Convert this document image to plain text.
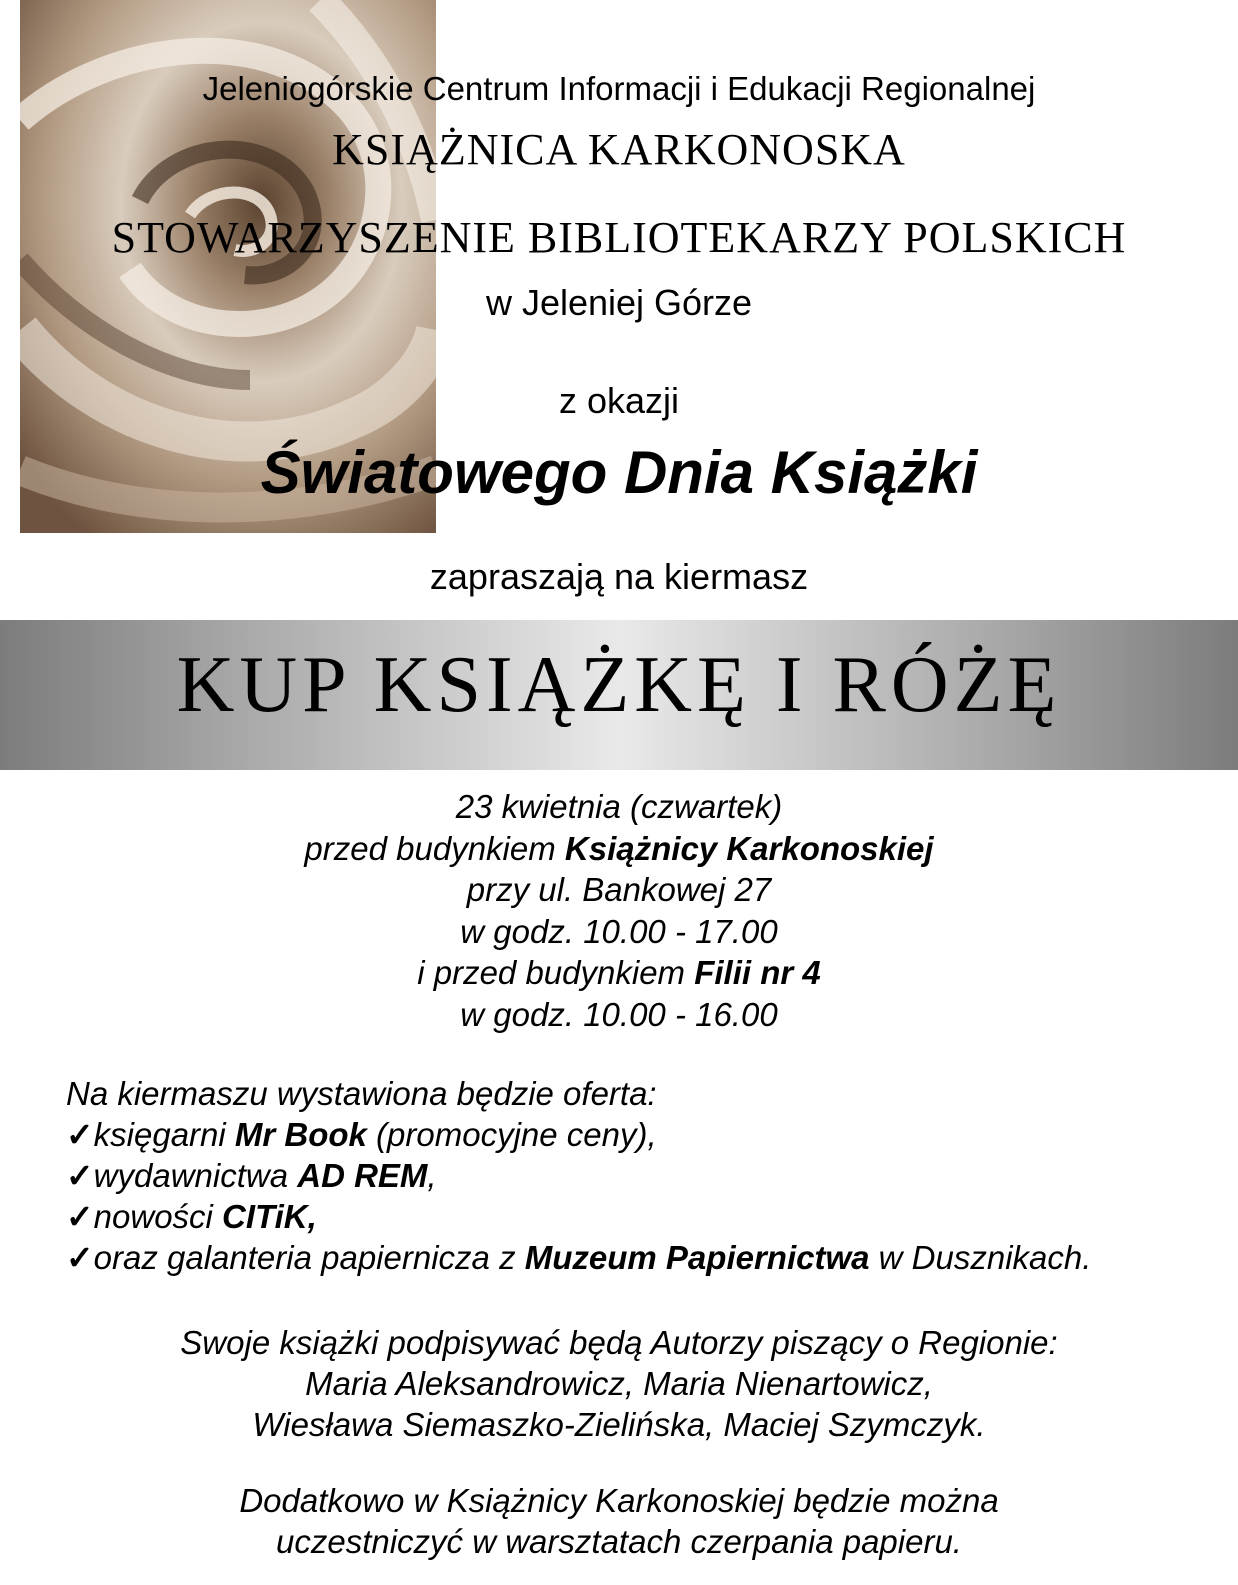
Jeleniogórskie Centrum Informacji i Edukacji Regionalnej
KSIĄŻNICA KARKONOSKA
STOWARZYSZENIE BIBLIOTEKARZY POLSKICH
w Jeleniej Górze
z okazji
Światowego Dnia Książki
zapraszają na kiermasz
KUP KSIĄŻKĘ I RÓŻĘ
23 kwietnia (czwartek)
przed budynkiem Książnicy Karkonoskiej
przy ul. Bankowej 27
w godz. 10.00 - 17.00
i przed budynkiem Filii nr 4
w godz. 10.00 - 16.00
Na kiermaszu wystawiona będzie oferta:
✓księgarni Mr Book (promocyjne ceny),
✓wydawnictwa AD REM,
✓nowości CITiK,
✓oraz galanteria papiernicza z Muzeum Papiernictwa w Dusznikach.
Swoje książki podpisywać będą Autorzy piszący o Regionie:
Maria Aleksandrowicz, Maria Nienartowicz,
Wiesława Siemaszko-Zielińska, Maciej Szymczyk.
Dodatkowo w Książnicy Karkonoskiej będzie można
uczestniczyć w warsztatach czerpania papieru.
